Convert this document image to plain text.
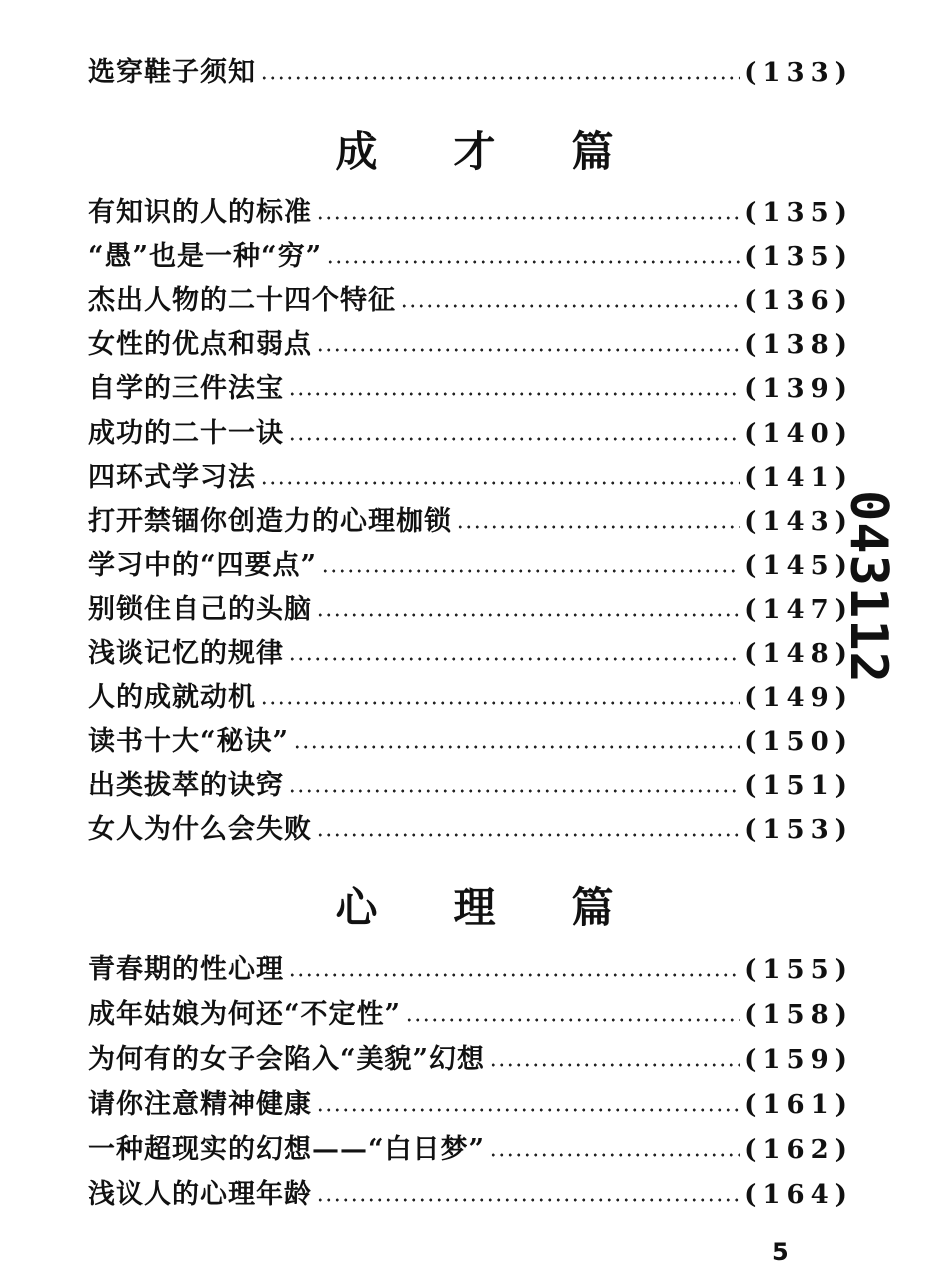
选穿鞋子须知	(133)
成 才 篇
有知识的人的标准	(135)
“愚”也是一种“穷”	(135)
杰出人物的二十四个特征	(136)
女性的优点和弱点	(138)
自学的三件法宝	(139)
成功的二十一诀	(140)
四环式学习法	(141)
打开禁锢你创造力的心理枷锁	(143)
学习中的“四要点”	(145)
别锁住自己的头脑	(147)
浅谈记忆的规律	(148)
人的成就动机	(149)
读书十大“秘诀”	(150)
出类拔萃的诀窍	(151)
女人为什么会失败	(153)
心 理 篇
青春期的性心理	(155)
成年姑娘为何还“不定性”	(158)
为何有的女子会陷入“美貌”幻想	(159)
请你注意精神健康	(161)
一种超现实的幻想——“白日梦”	(162)
浅议人的心理年龄	(164)
043112
5
